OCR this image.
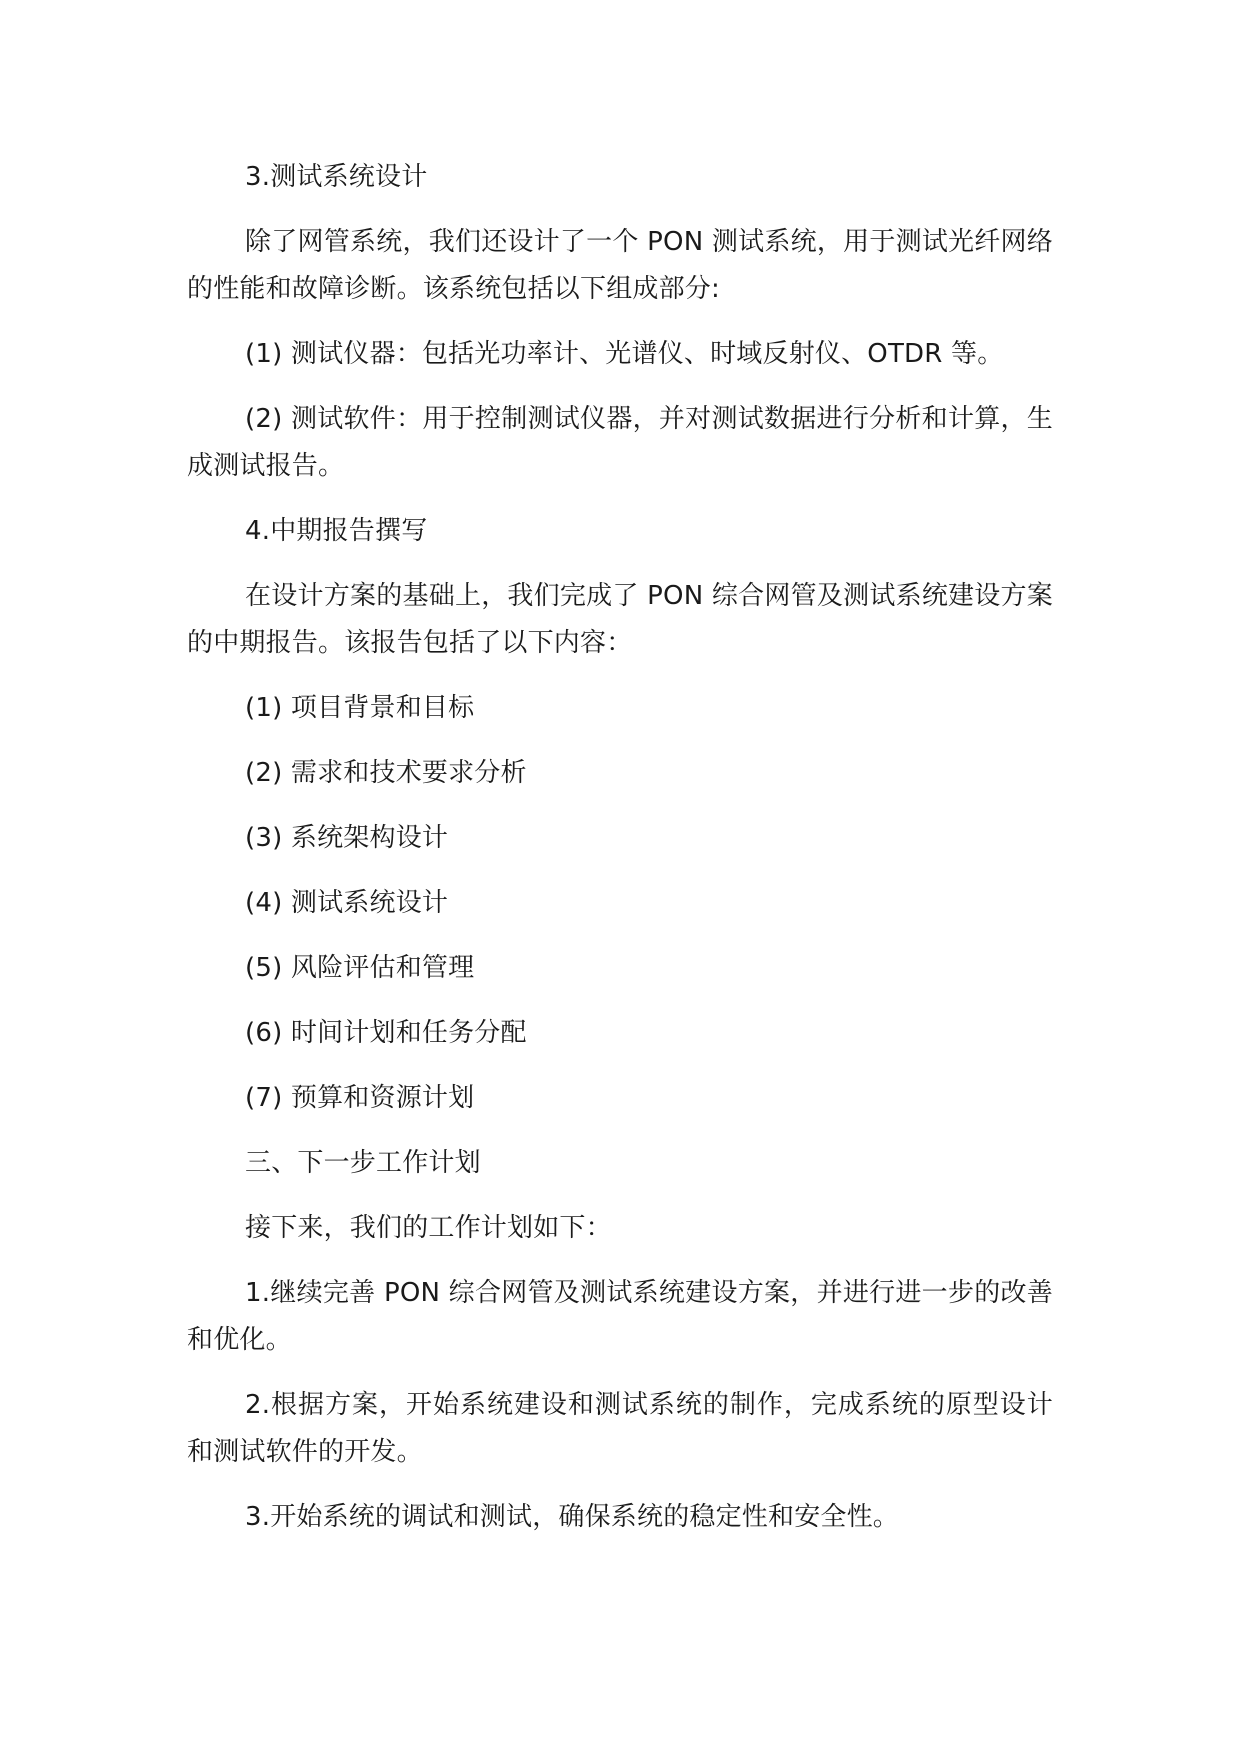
3.测试系统设计

除了网管系统，我们还设计了一个 PON 测试系统，用于测试光纤网络的性能和故障诊断。该系统包括以下组成部分:

(1) 测试仪器：包括光功率计、光谱仪、时域反射仪、OTDR 等。

(2) 测试软件：用于控制测试仪器，并对测试数据进行分析和计算，生成测试报告。

4.中期报告撰写

在设计方案的基础上，我们完成了 PON 综合网管及测试系统建设方案的中期报告。该报告包括了以下内容：

(1) 项目背景和目标

(2) 需求和技术要求分析

(3) 系统架构设计

(4) 测试系统设计

(5) 风险评估和管理

(6) 时间计划和任务分配

(7) 预算和资源计划

三、下一步工作计划

接下来，我们的工作计划如下：

1.继续完善 PON 综合网管及测试系统建设方案，并进行进一步的改善和优化。

2.根据方案，开始系统建设和测试系统的制作，完成系统的原型设计和测试软件的开发。

3.开始系统的调试和测试，确保系统的稳定性和安全性。
